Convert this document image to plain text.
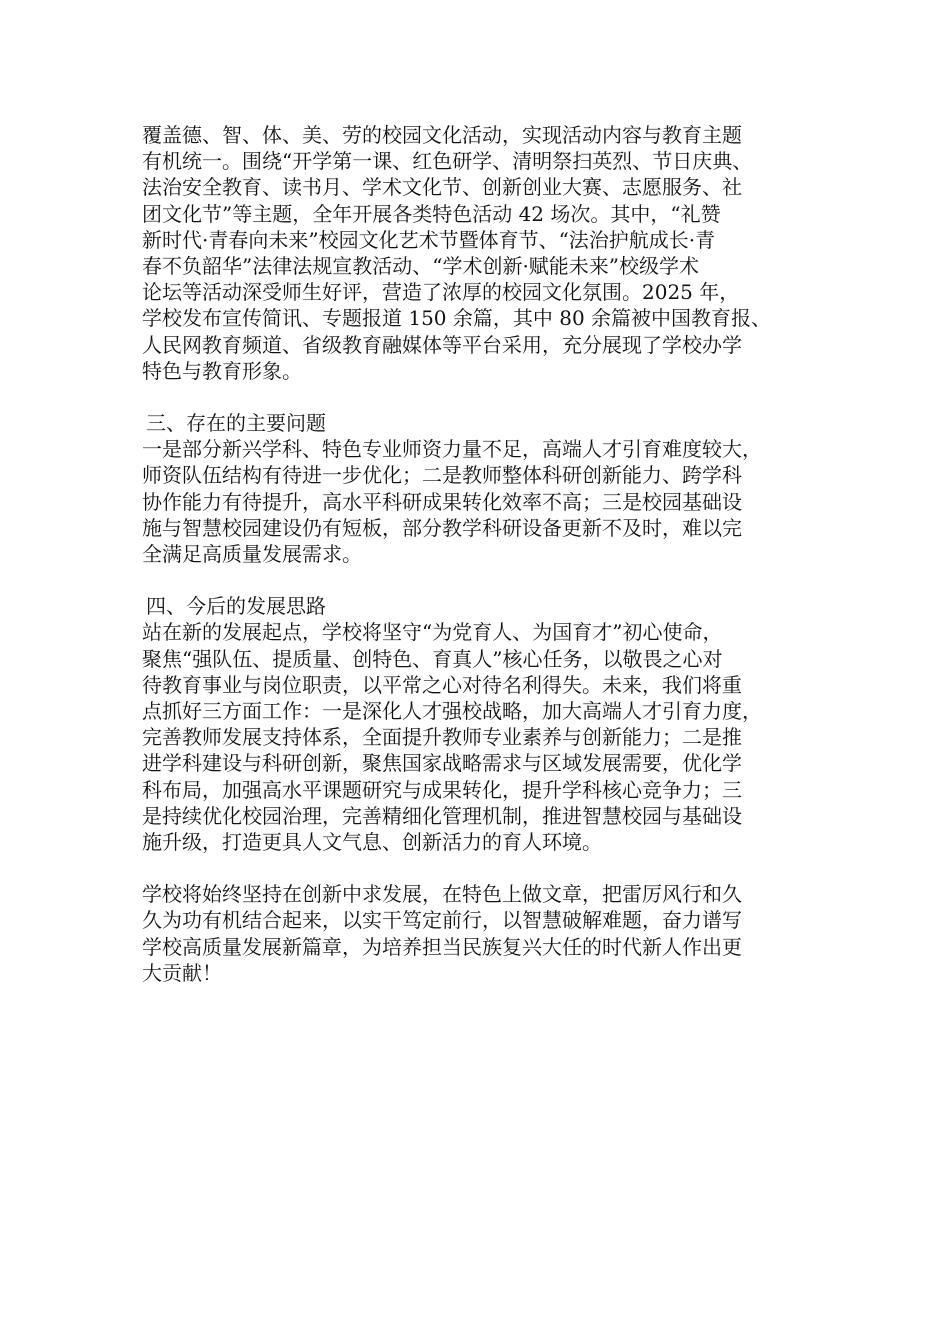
覆盖德、智、体、美、劳的校园文化活动，实现活动内容与教育主题
有机统一。围绕“开学第一课、红色研学、清明祭扫英烈、节日庆典、
法治安全教育、读书月、学术文化节、创新创业大赛、志愿服务、社
团文化节”等主题，全年开展各类特色活动 42 场次。其中，“礼赞
新时代·青春向未来”校园文化艺术节暨体育节、“法治护航成长·青
春不负韶华”法律法规宣教活动、“学术创新·赋能未来”校级学术
论坛等活动深受师生好评，营造了浓厚的校园文化氛围。2025 年，
学校发布宣传简讯、专题报道 150 余篇，其中 80 余篇被中国教育报、
人民网教育频道、省级教育融媒体等平台采用，充分展现了学校办学
特色与教育形象。
三、存在的主要问题
一是部分新兴学科、特色专业师资力量不足，高端人才引育难度较大，
师资队伍结构有待进一步优化；二是教师整体科研创新能力、跨学科
协作能力有待提升，高水平科研成果转化效率不高；三是校园基础设
施与智慧校园建设仍有短板，部分教学科研设备更新不及时，难以完
全满足高质量发展需求。
四、今后的发展思路
站在新的发展起点，学校将坚守“为党育人、为国育才”初心使命，
聚焦“强队伍、提质量、创特色、育真人”核心任务，以敬畏之心对
待教育事业与岗位职责，以平常之心对待名利得失。未来，我们将重
点抓好三方面工作：一是深化人才强校战略，加大高端人才引育力度，
完善教师发展支持体系，全面提升教师专业素养与创新能力；二是推
进学科建设与科研创新，聚焦国家战略需求与区域发展需要，优化学
科布局，加强高水平课题研究与成果转化，提升学科核心竞争力；三
是持续优化校园治理，完善精细化管理机制，推进智慧校园与基础设
施升级，打造更具人文气息、创新活力的育人环境。
学校将始终坚持在创新中求发展，在特色上做文章，把雷厉风行和久
久为功有机结合起来，以实干笃定前行，以智慧破解难题，奋力谱写
学校高质量发展新篇章，为培养担当民族复兴大任的时代新人作出更
大贡献！
